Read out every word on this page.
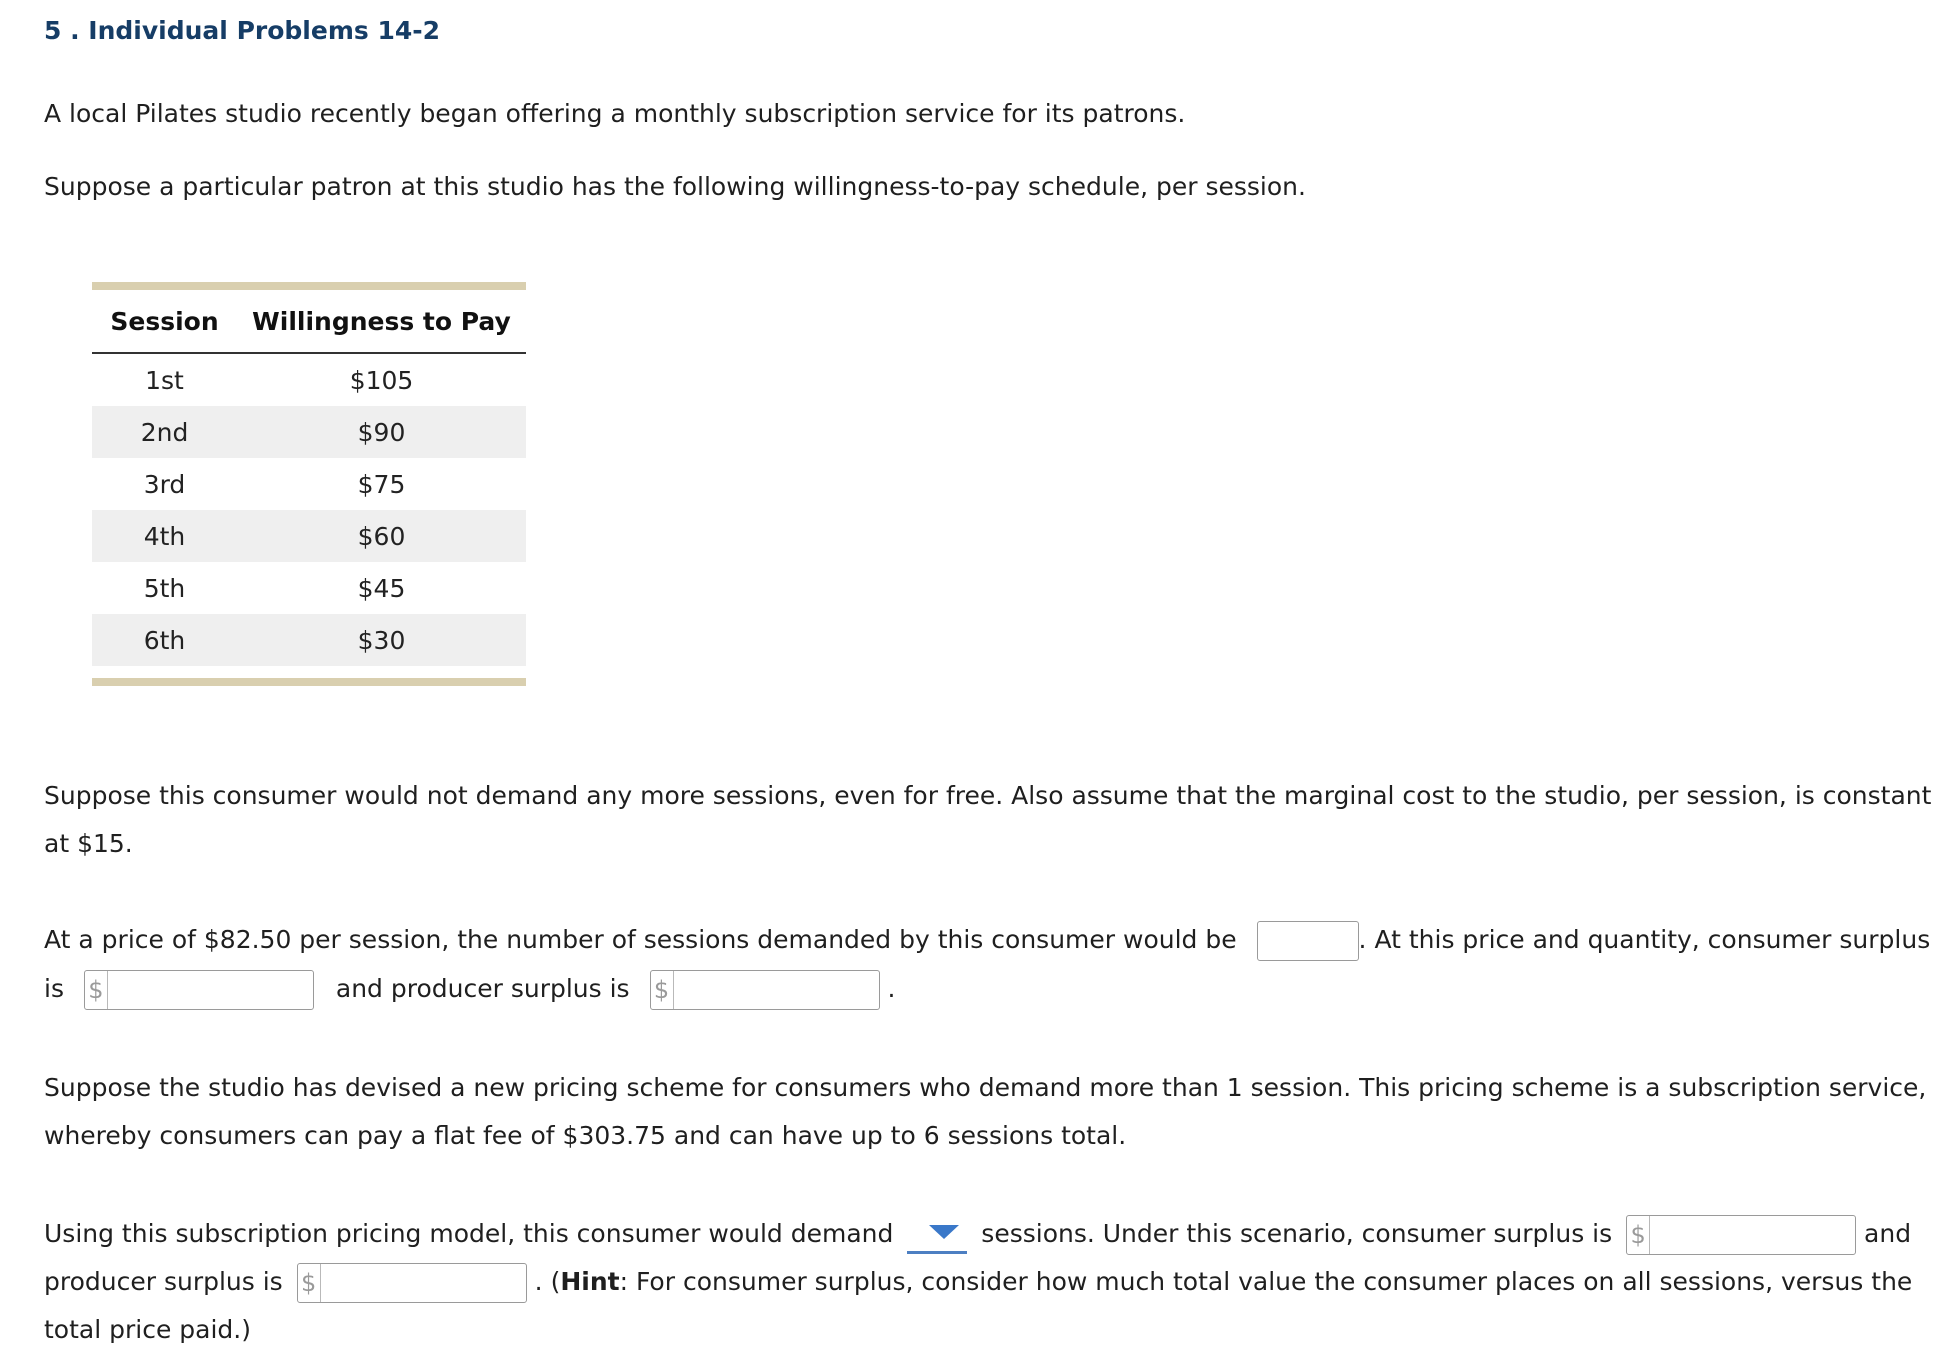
5 . Individual Problems 14-2
A local Pilates studio recently began offering a monthly subscription service for its patrons.
Suppose a particular patron at this studio has the following willingness-to-pay schedule, per session.
Session	Willingness to Pay
1st	$105
2nd	$90
3rd	$75
4th	$60
5th	$45
6th	$30
Suppose this consumer would not demand any more sessions, even for free. Also assume that the marginal cost to the studio, per session, is constant
at $15.
At a price of $82.50 per session, the number of sessions demanded by this consumer would be	. At this price and quantity, consumer surplus
is $	and producer surplus is $	.
Suppose the studio has devised a new pricing scheme for consumers who demand more than 1 session. This pricing scheme is a subscription service,
whereby consumers can pay a flat fee of $303.75 and can have up to 6 sessions total.
Using this subscription pricing model, this consumer would demand	sessions. Under this scenario, consumer surplus is $	and
producer surplus is $	. (Hint: For consumer surplus, consider how much total value the consumer places on all sessions, versus the
total price paid.)
